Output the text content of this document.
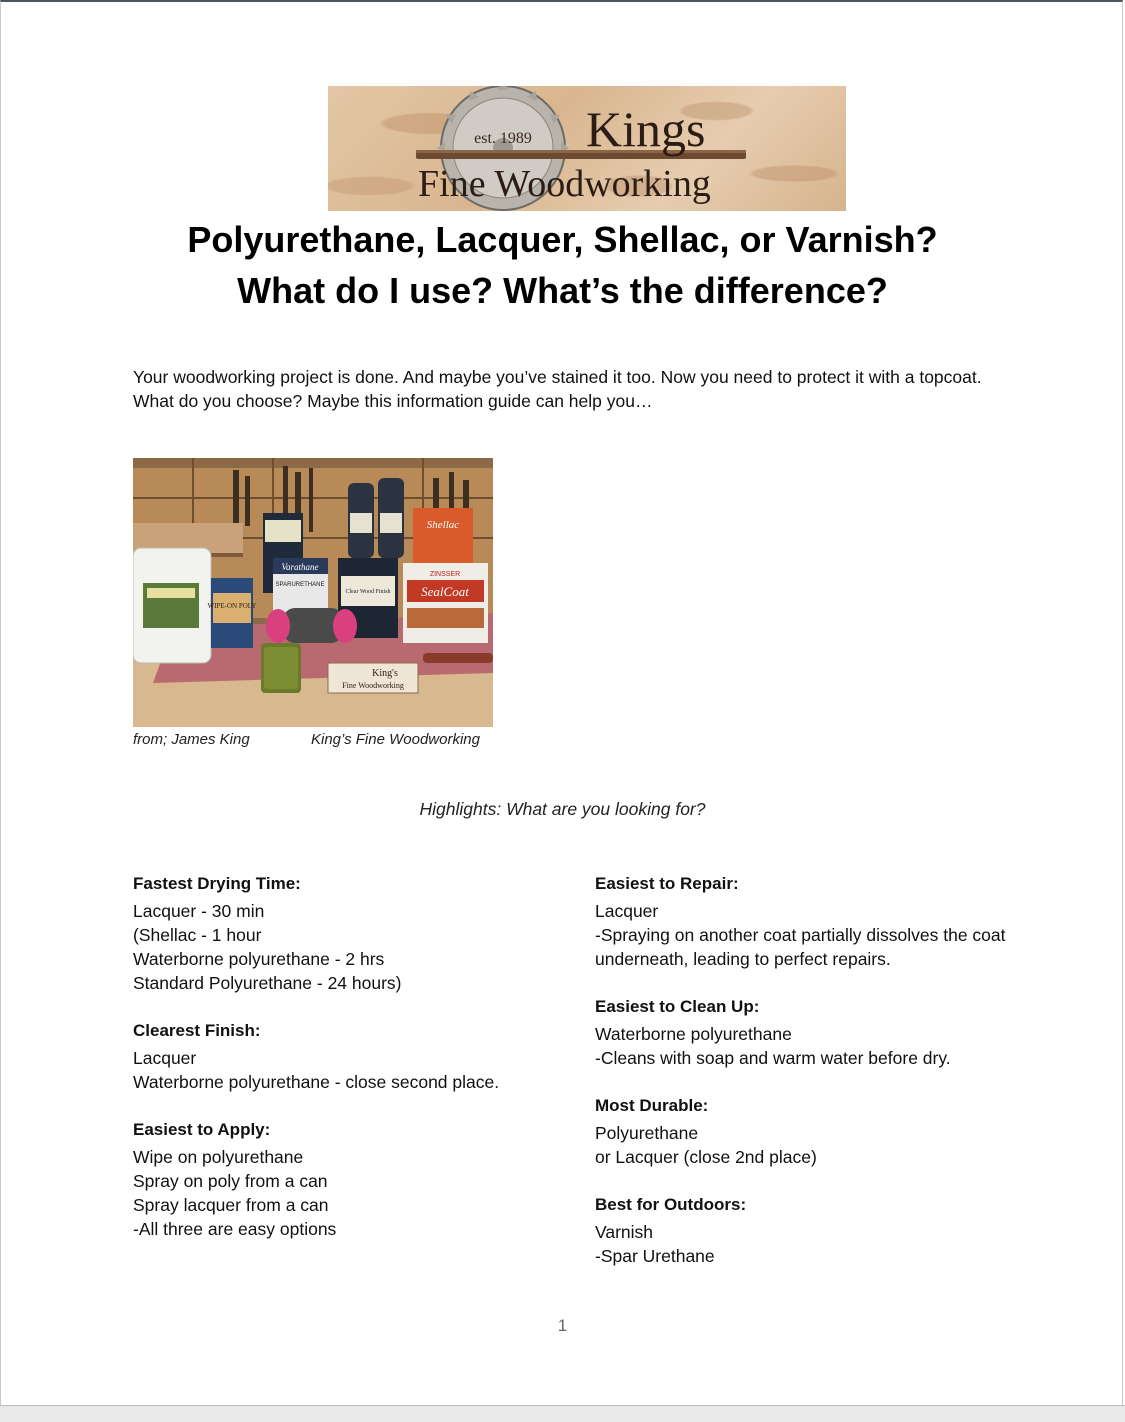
est. 1989 Kings
Fine Woodworking
Polyurethane, Lacquer, Shellac, or Varnish?
What do I use? What’s the difference?
Your woodworking project is done. And maybe you’ve stained it too. Now you need to protect it with a topcoat. What do you choose? Maybe this information guide can help you…
WIPE-ON POLY
Varathane
SPARURETHANE
Clear Wood Finish
Shellac
ZINSSER
SealCoat
King's
Fine Woodworking
from; James King	King’s Fine Woodworking
Highlights: What are you looking for?
Fastest Drying Time:
Lacquer - 30 min
(Shellac - 1 hour
Waterborne polyurethane - 2 hrs
Standard Polyurethane - 24 hours)
Clearest Finish:
Lacquer
Waterborne polyurethane - close second place.
Easiest to Apply:
Wipe on polyurethane
Spray on poly from a can
Spray lacquer from a can
-All three are easy options
Easiest to Repair:
Lacquer
-Spraying on another coat partially dissolves the coat underneath, leading to perfect repairs.
Easiest to Clean Up:
Waterborne polyurethane
-Cleans with soap and warm water before dry.
Most Durable:
Polyurethane
or Lacquer (close 2nd place)
Best for Outdoors:
Varnish
-Spar Urethane
1
